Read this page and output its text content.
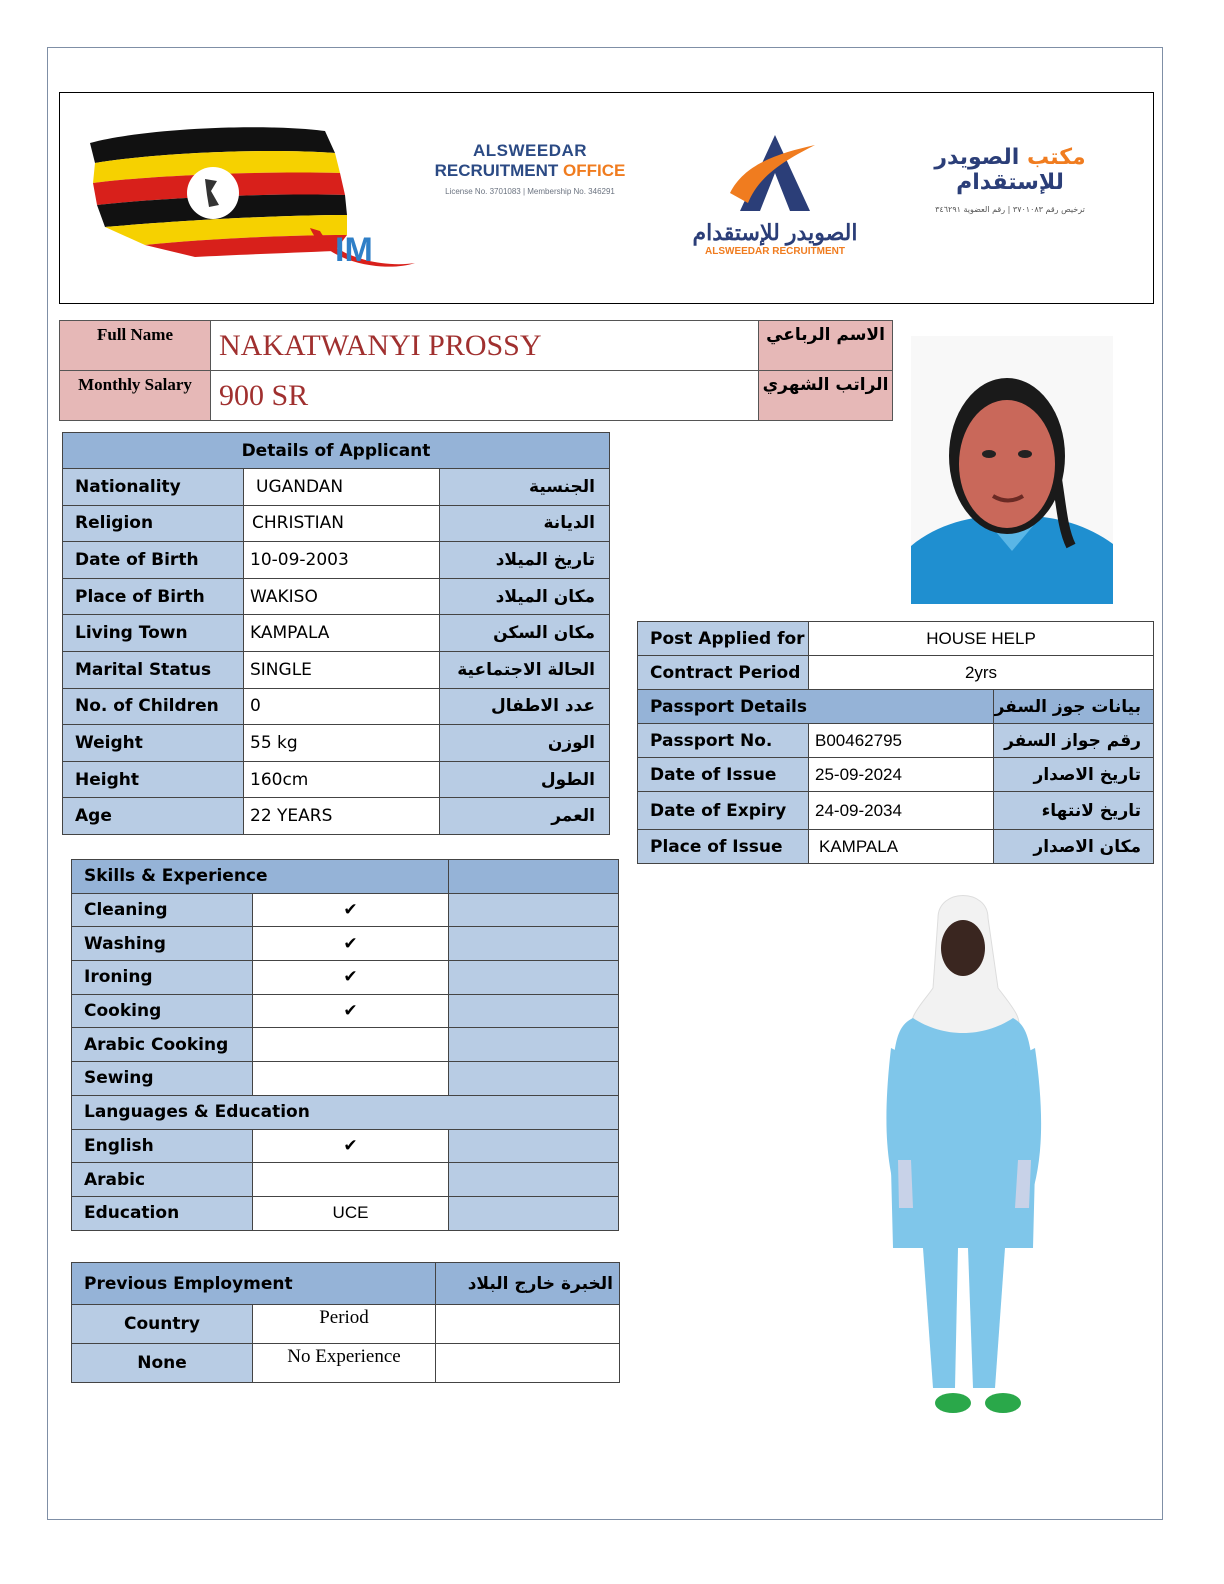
IM
ALSWEEDAR
RECRUITMENT OFFICE
License No. 3701083 | Membership No. 346291
الصويدر للإستقدام
ALSWEEDAR RECRUITMENT
مكتب الصويدر للإستقدام
ترخيص رقم ٣٧٠١٠٨٣ | رقم العضوية ٣٤٦٢٩١
Full Name	NAKATWANYI PROSSY	الاسم الرباعي
Monthly Salary	900 SR	الراتب الشهري
Details of Applicant		
Nationality	UGANDAN	الجنسية
Religion	CHRISTIAN	الديانة
Date of Birth	10-09-2003	تاريخ الميلاد
Place of Birth	WAKISO	مكان الميلاد
Living Town	KAMPALA	مكان السكن
Marital Status	SINGLE	الحالة الاجتماعية
No. of Children	0	عدد الاطفال
Weight	55 kg	الوزن
Height	160cm	الطول
Age	22 YEARS	العمر
Post Applied for	HOUSE HELP	
Contract Period	2yrs	
Passport Details		بيانات جوز السفر
Passport No.	B00462795	رقم جواز السفر
Date of Issue	25-09-2024	تاريخ الاصدار
Date of Expiry	24-09-2034	تاريخ لانتهاء
Place of Issue	KAMPALA	مكان الاصدار
Skills & Experience		
Cleaning	✔	
Washing	✔	
Ironing	✔	
Cooking	✔	
Arabic Cooking		
Sewing		
Languages & Education		
English	✔	
Arabic		
Education	UCE	
Previous Employment		الخبرة خارج البلاد
Country	Period	
None	No Experience	
